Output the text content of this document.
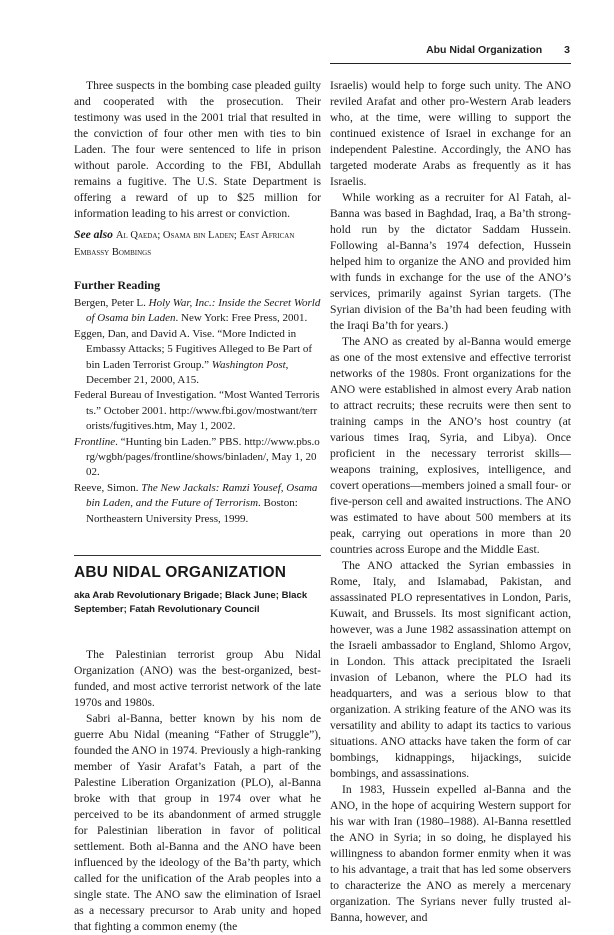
Abu Nidal Organization 3

Three suspects in the bombing case pleaded guilty and cooperated with the prosecution. Their testimony was used in the 2001 trial that resulted in the conviction of four other men with ties to bin Laden. The four were sentenced to life in prison without parole. According to the FBI, Abdullah remains a fugitive. The U.S. State Department is offering a reward of up to $25 million for information leading to his arrest or conviction.

See also Al Qaeda; Osama bin Laden; East African Embassy Bombings

Further Reading
Bergen, Peter L. Holy War, Inc.: Inside the Secret World of Osama bin Laden. New York: Free Press, 2001.
Eggen, Dan, and David A. Vise. “More Indicted in Embassy Attacks; 5 Fugitives Alleged to Be Part of bin Laden Terrorist Group.” Washington Post, December 21, 2000, A15.
Federal Bureau of Investigation. “Most Wanted Terrorists.” October 2001. http://www.fbi.gov/mostwant/terrorists/fugitives.htm, May 1, 2002.
Frontline. “Hunting bin Laden.” PBS. http://www.pbs.org/wgbh/pages/frontline/shows/binladen/, May 1, 2002.
Reeve, Simon. The New Jackals: Ramzi Yousef, Osama bin Laden, and the Future of Terrorism. Boston: Northeastern University Press, 1999.
ABU NIDAL ORGANIZATION
aka Arab Revolutionary Brigade; Black June; Black September; Fatah Revolutionary Council

The Palestinian terrorist group Abu Nidal Organization (ANO) was the best-organized, best-funded, and most active terrorist network of the late 1970s and 1980s.

Sabri al-Banna, better known by his nom de guerre Abu Nidal (meaning “Father of Struggle”), founded the ANO in 1974. Previously a high-ranking member of Yasir Arafat’s Fatah, a part of the Palestine Liberation Organization (PLO), al-Banna broke with that group in 1974 over what he perceived to be its abandonment of armed struggle for Palestinian liberation in favor of political settlement. Both al-Banna and the ANO have been influenced by the ideology of the Ba’th party, which called for the unification of the Arab peoples into a single state. The ANO saw the elimination of Israel as a necessary precursor to Arab unity and hoped that fighting a common enemy (the

Israelis) would help to forge such unity. The ANO reviled Arafat and other pro-Western Arab leaders who, at the time, were willing to support the continued existence of Israel in exchange for an independent Palestine. Accordingly, the ANO has targeted moderate Arabs as frequently as it has Israelis.

While working as a recruiter for Al Fatah, al-Banna was based in Baghdad, Iraq, a Ba’th strong-hold run by the dictator Saddam Hussein. Following al-Banna’s 1974 defection, Hussein helped him to organize the ANO and provided him with funds in exchange for the use of the ANO’s services, primarily against Syrian targets. (The Syrian division of the Ba’th had been feuding with the Iraqi Ba’th for years.)

The ANO as created by al-Banna would emerge as one of the most extensive and effective terrorist networks of the 1980s. Front organizations for the ANO were established in almost every Arab nation to attract recruits; these recruits were then sent to training camps in the ANO’s host country (at various times Iraq, Syria, and Libya). Once proficient in the necessary terrorist skills—weapons training, explosives, intelligence, and covert operations—members joined a small four- or five-person cell and awaited instructions. The ANO was estimated to have about 500 members at its peak, carrying out operations in more than 20 countries across Europe and the Middle East.

The ANO attacked the Syrian embassies in Rome, Italy, and Islamabad, Pakistan, and assassinated PLO representatives in London, Paris, Kuwait, and Brussels. Its most significant action, however, was a June 1982 assassination attempt on the Israeli ambassador to England, Shlomo Argov, in London. This attack precipitated the Israeli invasion of Lebanon, where the PLO had its headquarters, and was a serious blow to that organization. A striking feature of the ANO was its versatility and ability to adapt its tactics to various situations. ANO attacks have taken the form of car bombings, kidnappings, hijackings, suicide bombings, and assassinations.

In 1983, Hussein expelled al-Banna and the ANO, in the hope of acquiring Western support for his war with Iran (1980–1988). Al-Banna resettled the ANO in Syria; in so doing, he displayed his willingness to abandon former enmity when it was to his advantage, a trait that has led some observers to characterize the ANO as merely a mercenary organization. The Syrians never fully trusted al-Banna, however, and
